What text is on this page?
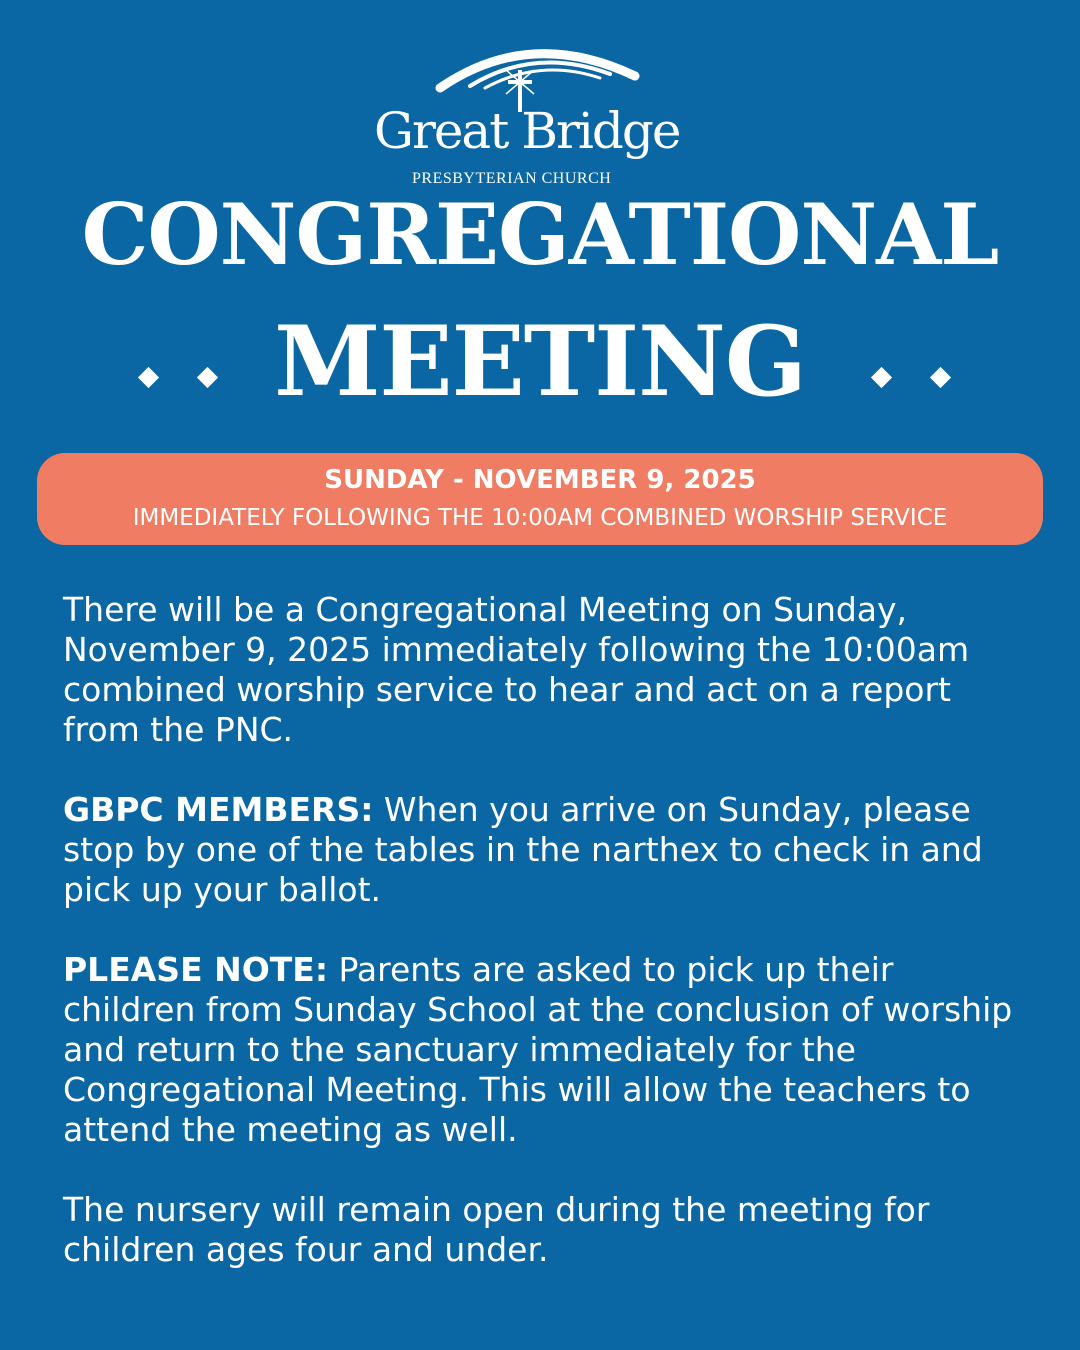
Great Bridge
PRESBYTERIAN CHURCH
CONGREGATIONAL
MEETING
SUNDAY - NOVEMBER 9, 2025
IMMEDIATELY FOLLOWING THE 10:00AM COMBINED WORSHIP SERVICE

There will be a Congregational Meeting on Sunday, November 9, 2025 immediately following the 10:00am combined worship service to hear and act on a report from the PNC.

GBPC MEMBERS: When you arrive on Sunday, please stop by one of the tables in the narthex to check in and pick up your ballot.

PLEASE NOTE: Parents are asked to pick up their children from Sunday School at the conclusion of worship and return to the sanctuary immediately for the Congregational Meeting. This will allow the teachers to attend the meeting as well.

The nursery will remain open during the meeting for children ages four and under.
